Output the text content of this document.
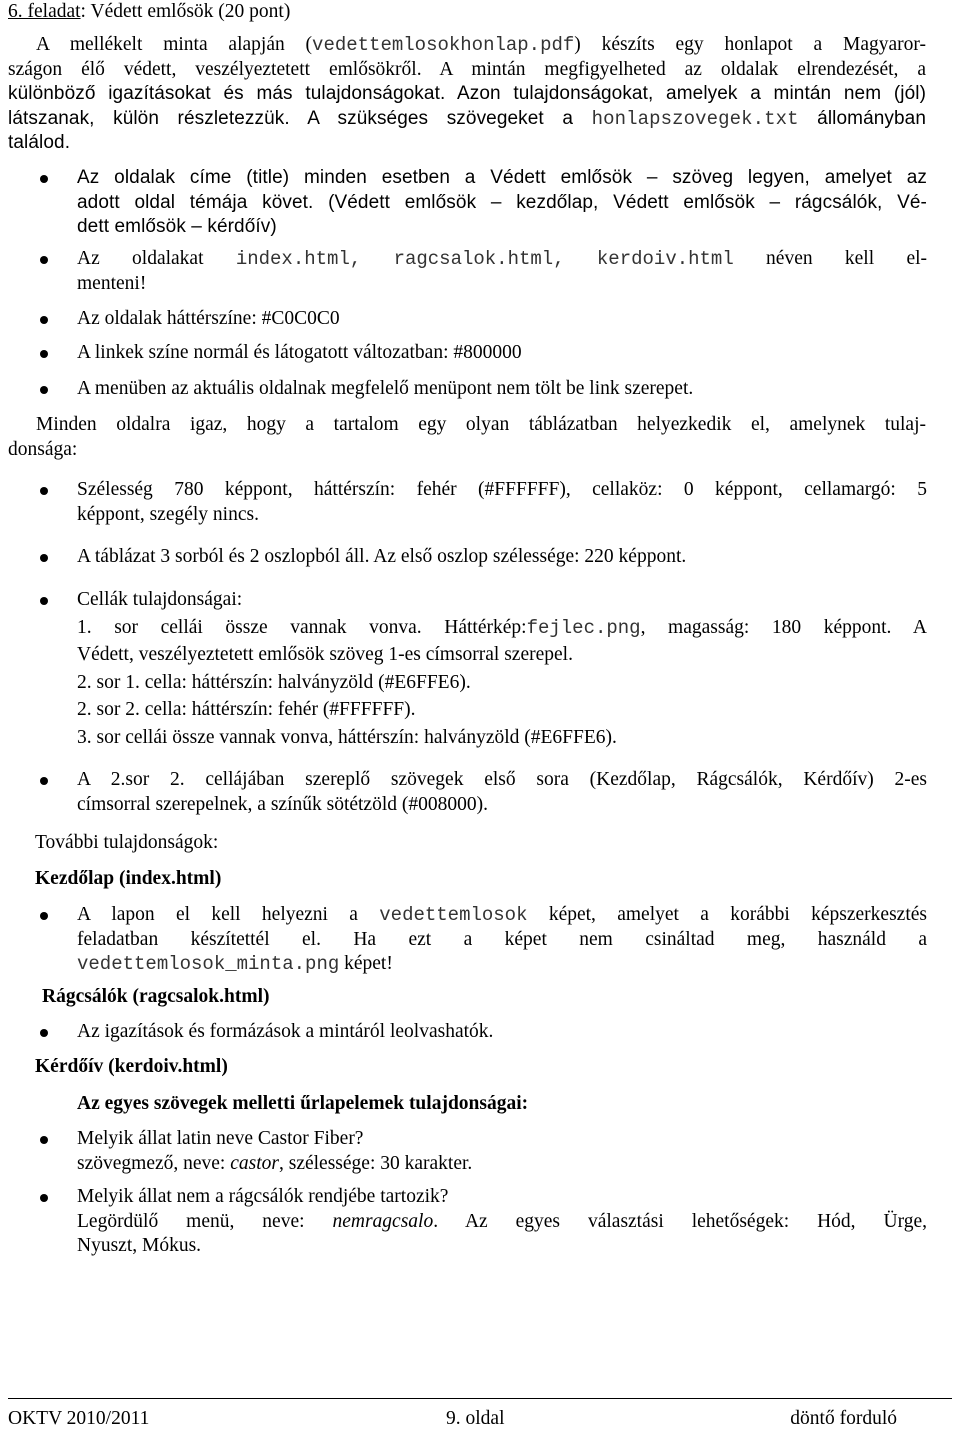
6. feladat: Védett emlősök (20 pont)

A mellékelt minta alapján (vedettemlosokhonlap.pdf) készíts egy honlapot a Magyaror-

szágon élő védett, veszélyeztetett emlősökről. A mintán megfigyelheted az oldalak elrendezését, a

különböző igazításokat és más tulajdonságokat. Azon tulajdonságokat, amelyek a mintán nem (jól)

látszanak, külön részletezzük. A szükséges szövegeket a honlapszovegek.txt állományban

találod.

Az oldalak címe (title) minden esetben a Védett emlősök – szöveg legyen, amelyet az

adott oldal témája követ. (Védett emlősök – kezdőlap, Védett emlősök – rágcsálók, Vé-

dett emlősök – kérdőív)

Az oldalakat index.html, ragcsalok.html, kerdoiv.html néven kell el-

menteni!

Az oldalak háttérszíne: #C0C0C0
A linkek színe normál és látogatott változatban: #800000
A menüben az aktuális oldalnak megfelelő menüpont nem tölt be link szerepet.

Minden oldalra igaz, hogy a tartalom egy olyan táblázatban helyezkedik el, amelynek tulaj-

donsága:

Szélesség 780 képpont, háttérszín: fehér (#FFFFFF), cellaköz: 0 képpont, cellamargó: 5

képpont, szegély nincs.

A táblázat 3 sorból és 2 oszlopból áll. Az első oszlop szélessége: 220 képpont.

Cellák tulajdonságai:

1. sor cellái össze vannak vonva. Háttérkép:fejlec.png, magasság: 180 képpont. A

Védett, veszélyeztetett emlősök szöveg 1-es címsorral szerepel.

2. sor 1. cella: háttérszín: halványzöld (#E6FFE6).

2. sor 2. cella: háttérszín: fehér (#FFFFFF).

3. sor cellái össze vannak vonva, háttérszín: halványzöld (#E6FFE6).

A 2.sor 2. cellájában szereplő szövegek első sora (Kezdőlap, Rágcsálók, Kérdőív) 2-es

címsorral szerepelnek, a színűk sötétzöld (#008000).

További tulajdonságok:
Kezdőlap (index.html)

A lapon el kell helyezni a vedettemlosok képet, amelyet a korábbi képszerkesztés

feladatban készítettél el. Ha ezt a képet nem csináltad meg, használd a

vedettemlosok_minta.png képet!

Rágcsálók (ragcsalok.html)
Az igazítások és formázások a mintáról leolvashatók.
Kérdőív (kerdoiv.html)
Az egyes szövegek melletti űrlapelemek tulajdonságai:

Melyik állat latin neve Castor Fiber?

szövegmező, neve: castor, szélessége: 30 karakter.

Melyik állat nem a rágcsálók rendjébe tartozik?

Legördülő menü, neve: nemragcsalo. Az egyes választási lehetőségek: Hód, Ürge,

Nyuszt, Mókus.

OKTV 2010/2011	9. oldal	döntő forduló
